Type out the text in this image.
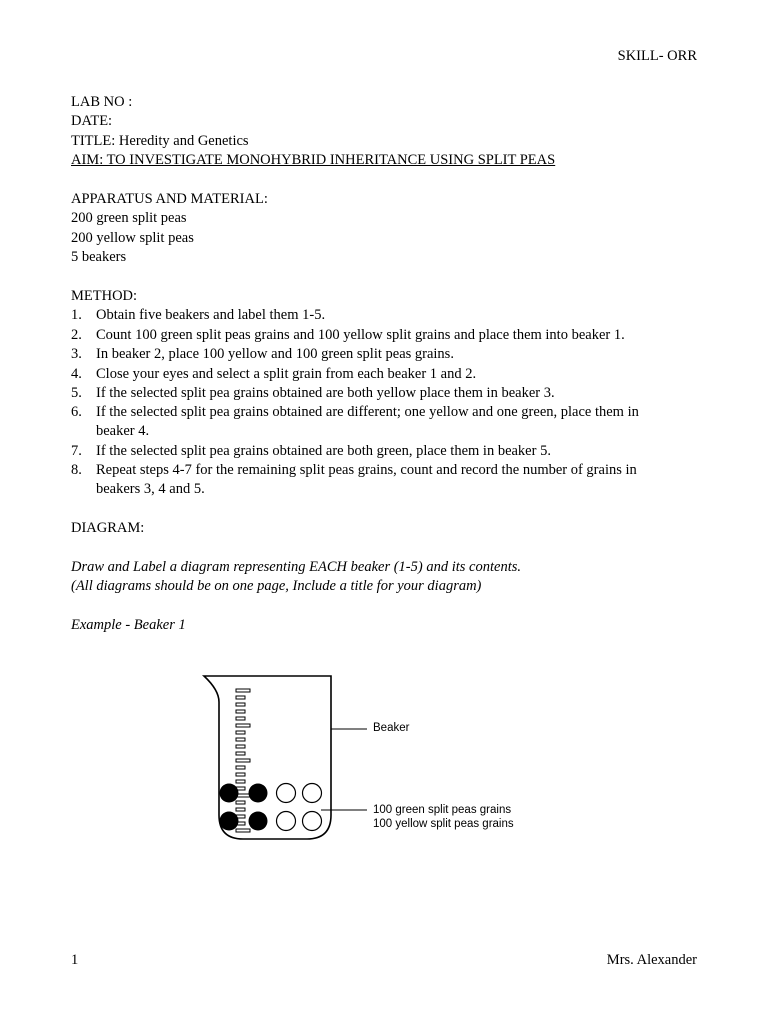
SKILL- ORR
LAB NO :
DATE:
TITLE: Heredity and Genetics
AIM: TO INVESTIGATE MONOHYBRID INHERITANCE USING SPLIT PEAS
APPARATUS AND MATERIAL:
200 green split peas
200 yellow split peas
5 beakers
METHOD:
1. Obtain five beakers and label them 1-5.
2. Count 100 green split peas grains and 100 yellow split grains and place them into beaker 1.
3. In beaker 2, place 100 yellow and 100 green split peas grains.
4. Close your eyes and select a split grain from each beaker 1 and 2.
5. If the selected split pea grains obtained are both yellow place them in beaker 3.
6. If the selected split pea grains obtained are different; one yellow and one green, place them in beaker 4.
7. If the selected split pea grains obtained are both green, place them in beaker 5.
8. Repeat steps 4-7 for the remaining split peas grains, count and record the number of grains in beakers 3, 4 and 5.
DIAGRAM:
Draw and Label a diagram representing EACH beaker (1-5) and its contents.
(All diagrams should be on one page, Include a title for your diagram)
Example - Beaker 1
Beaker
100 green split peas grains
100 yellow split peas grains
1	Mrs. Alexander
